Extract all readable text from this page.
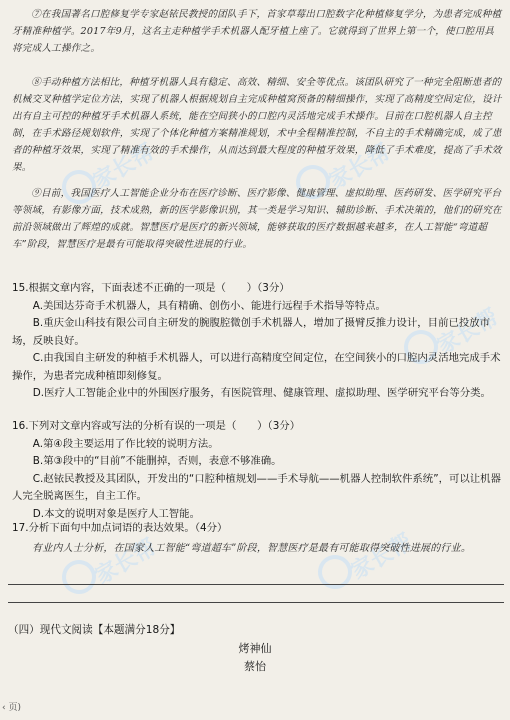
家长帮	家长帮
家长帮
家长帮	家长帮

⑦在我国著名口腔修复学专家赵铱民教授的团队手下，首家草莓出口腔数字化种植修复学分，为患者完成种植牙精准种植学。2017年9月，这名主走种植学手术机器人配牙植上座了。它就得到了世界上第一个，使口腔用具将完成人工操作之。

⑧手动种植方法相比，种植牙机器人具有稳定、高效、精细、安全等优点。该团队研究了一种完全阻断患者的机械交叉种植学定位方法，实现了机器人根据规划自主完成种植窝预备的精细操作，实现了高精度空间定位，设计出有自主可控的种植牙手术机器人系统，能在空间狭小的口腔内灵活地完成手术操作。目前在口腔机器人自主控制，在手术路径规划软件，实现了个体化种植方案精准规划，术中全程精准控制，不自主的手术精确完成，成了患者的种植牙效果，实现了精准有效的手术操作，从而达到最大程度的种植牙效果，降低了手术难度，提高了手术效果。

⑨目前，我国医疗人工智能企业分布在医疗诊断、医疗影像、健康管理、虚拟助理、医药研发、医学研究平台等领域，有影像方面，技术成熟，新的医学影像识别，其一类是学习知识、辅助诊断、手术决策的，他们的研究在前沿领域做出了辉煌的成就。智慧医疗是医疗的新兴领域，能够获取的医疗数据越来越多，在人工智能“弯道超车”阶段，智慧医疗是最有可能取得突破性进展的行业。

15.根据文章内容，下面表述不正确的一项是（　　）（3分）

A.美国达芬奇手术机器人，具有精确、创伤小、能进行远程手术指导等特点。

B.重庆金山科技有限公司自主研发的腕腹腔微创手术机器人，增加了摄臂反推力设计，目前已投放市场，反映良好。

C.由我国自主研发的种植手术机器人，可以进行高精度空间定位，在空间狭小的口腔内灵活地完成手术操作，为患者完成种植即刻修复。

D.医疗人工智能企业中的外围医疗服务，有医院管理、健康管理、虚拟助理、医学研究平台等分类。

16.下列对文章内容或写法的分析有误的一项是（　　）（3分）

A.第④段主要运用了作比较的说明方法。

B.第③段中的“目前”不能删掉，否则，表意不够准确。

C.赵铱民教授及其团队，开发出的“口腔种植规划——手术导航——机器人控制软件系统”，可以让机器人完全脱离医生，自主工作。

D.本文的说明对象是医疗人工智能。

17.分析下面句中加点词语的表达效果。（4分）

有业内人士分析，在国家人工智能“弯道超车”阶段，智慧医疗是最有可能取得突破性进展的行业。

（四）现代文阅读【本题满分18分】
烤神仙
蔡怡
‹ 页)
